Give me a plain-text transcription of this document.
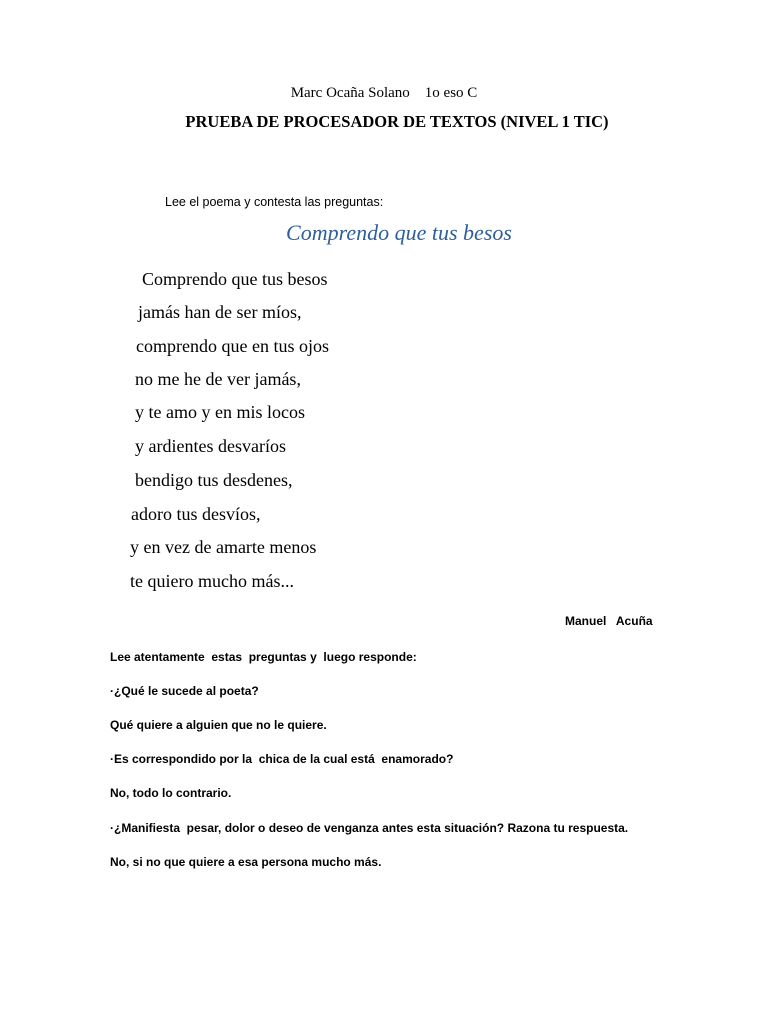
Marc Ocaña Solano    1o eso C

PRUEBA DE PROCESADOR DE TEXTOS (NIVEL 1 TIC)

Lee el poema y contesta las preguntas:

Comprendo que tus besos

Comprendo que tus besos

jamás han de ser míos,

comprendo que en tus ojos

no me he de ver jamás,

y te amo y en mis locos

y ardientes desvaríos

bendigo tus desdenes,

adoro tus desvíos,

y en vez de amarte menos

te quiero mucho más...

Manuel   Acuña

Lee atentamente  estas  preguntas y  luego responde:

·¿Qué le sucede al poeta?

Qué quiere a alguien que no le quiere.

·Es correspondido por la  chica de la cual está  enamorado?

No, todo lo contrario.

·¿Manifiesta  pesar, dolor o deseo de venganza antes esta situación? Razona tu respuesta.

No, si no que quiere a esa persona mucho más.
